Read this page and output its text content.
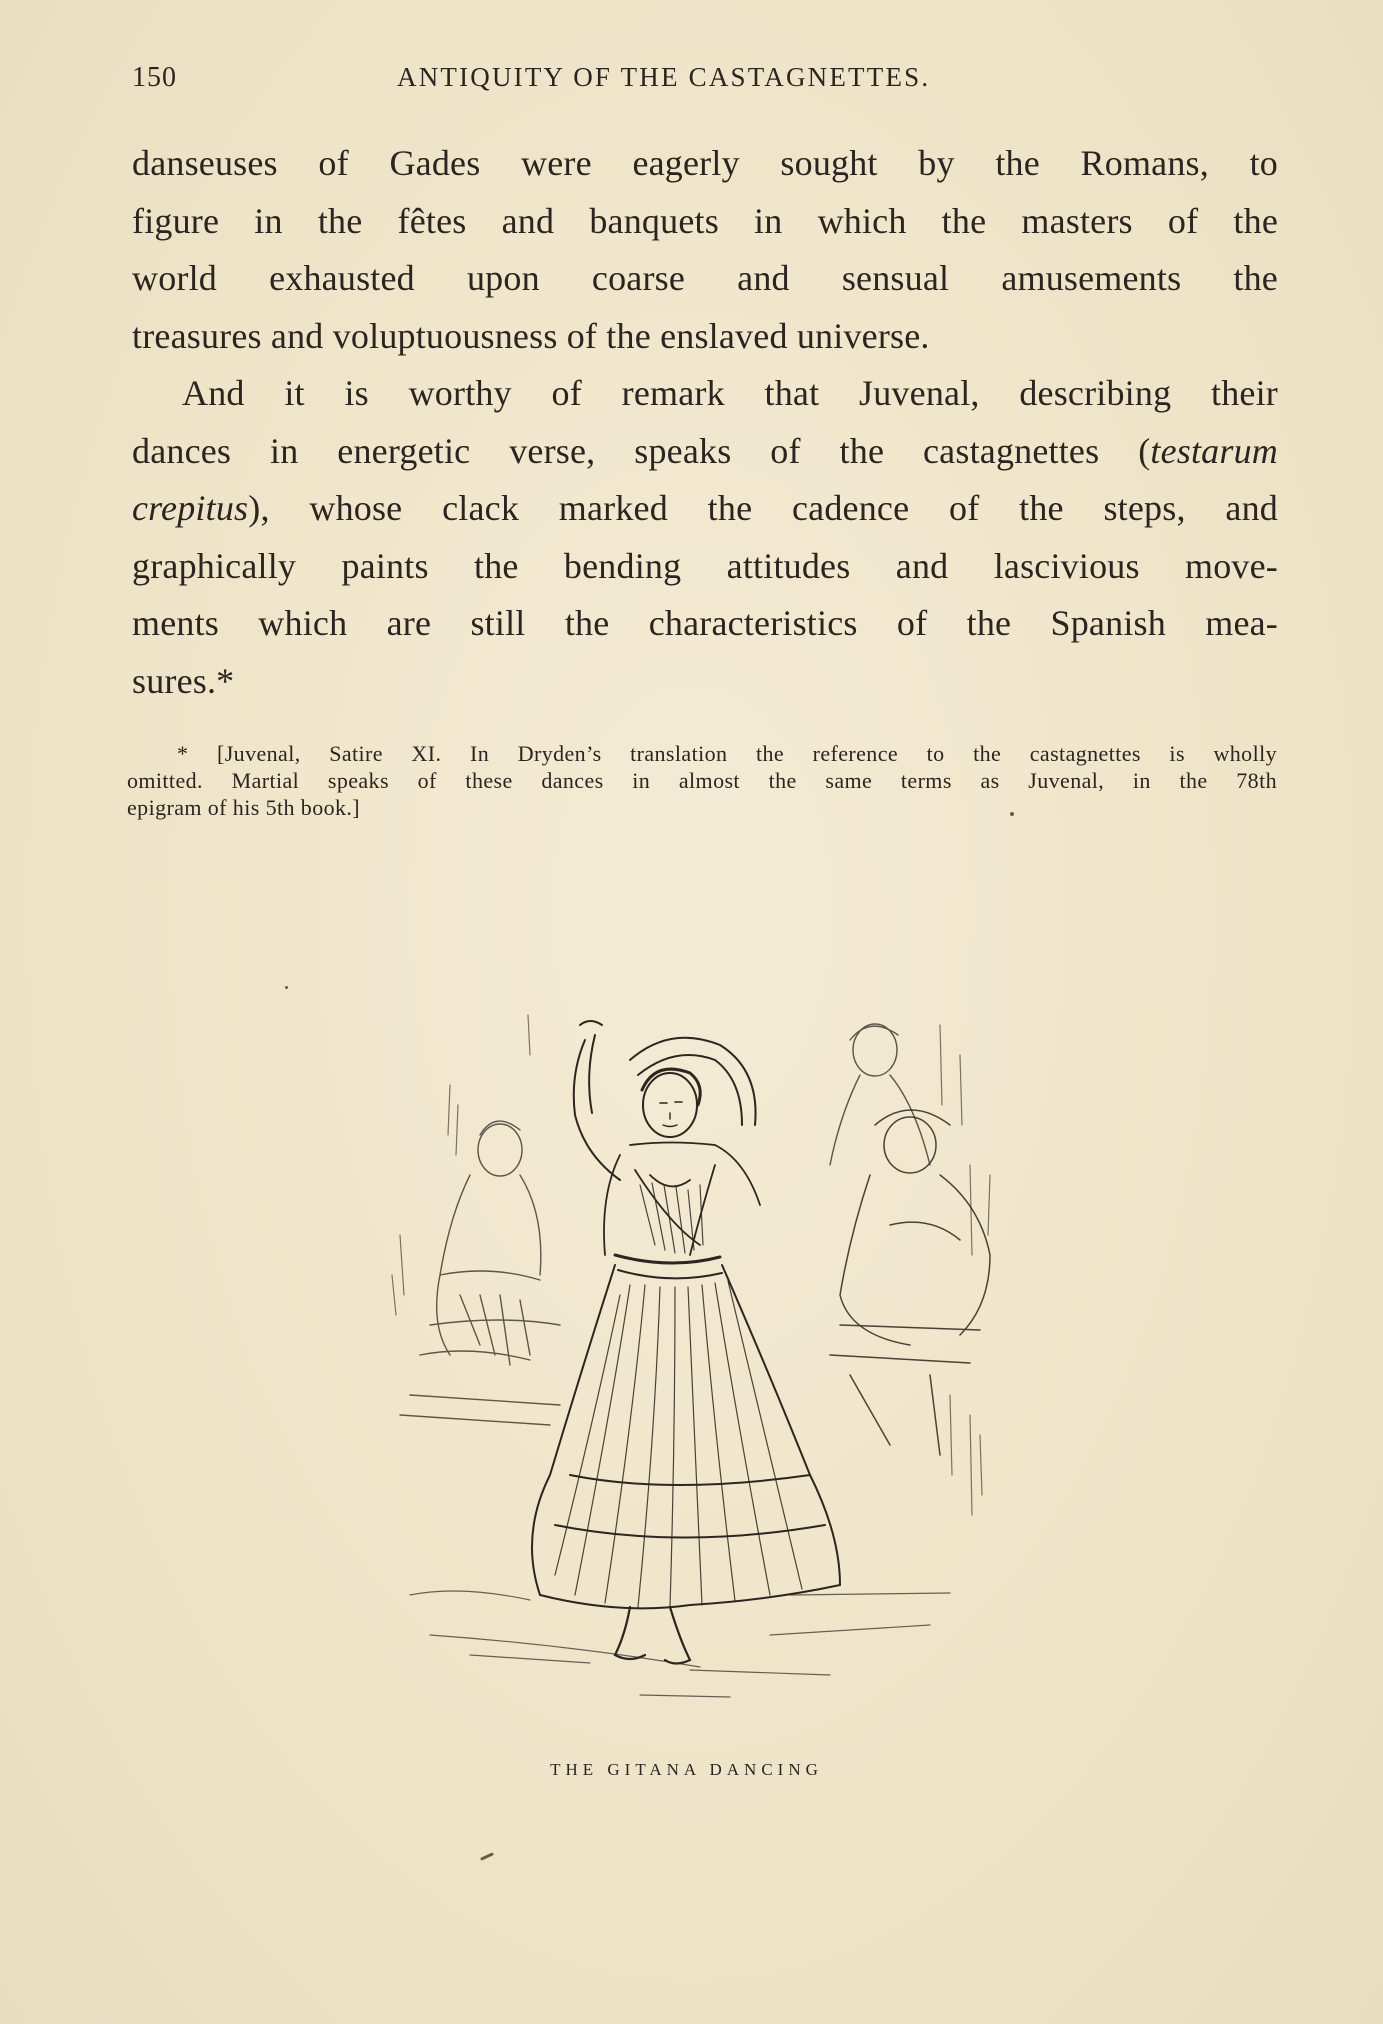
150	ANTIQUITY OF THE CASTAGNETTES.
danseuses of Gades were eagerly sought by the Romans, to
figure in the fêtes and banquets in which the masters of the
world exhausted upon coarse and sensual amusements the
treasures and voluptuousness of the enslaved universe.
And it is worthy of remark that Juvenal, describing their
dances in energetic verse, speaks of the castagnettes (testarum
crepitus), whose clack marked the cadence of the steps, and
graphically paints the bending attitudes and lascivious move-
ments which are still the characteristics of the Spanish mea-
sures.*
* [Juvenal, Satire XI. In Dryden’s translation the reference to the castagnettes is wholly
omitted. Martial speaks of these dances in almost the same terms as Juvenal, in the 78th
epigram of his 5th book.]
THE GITANA DANCING
